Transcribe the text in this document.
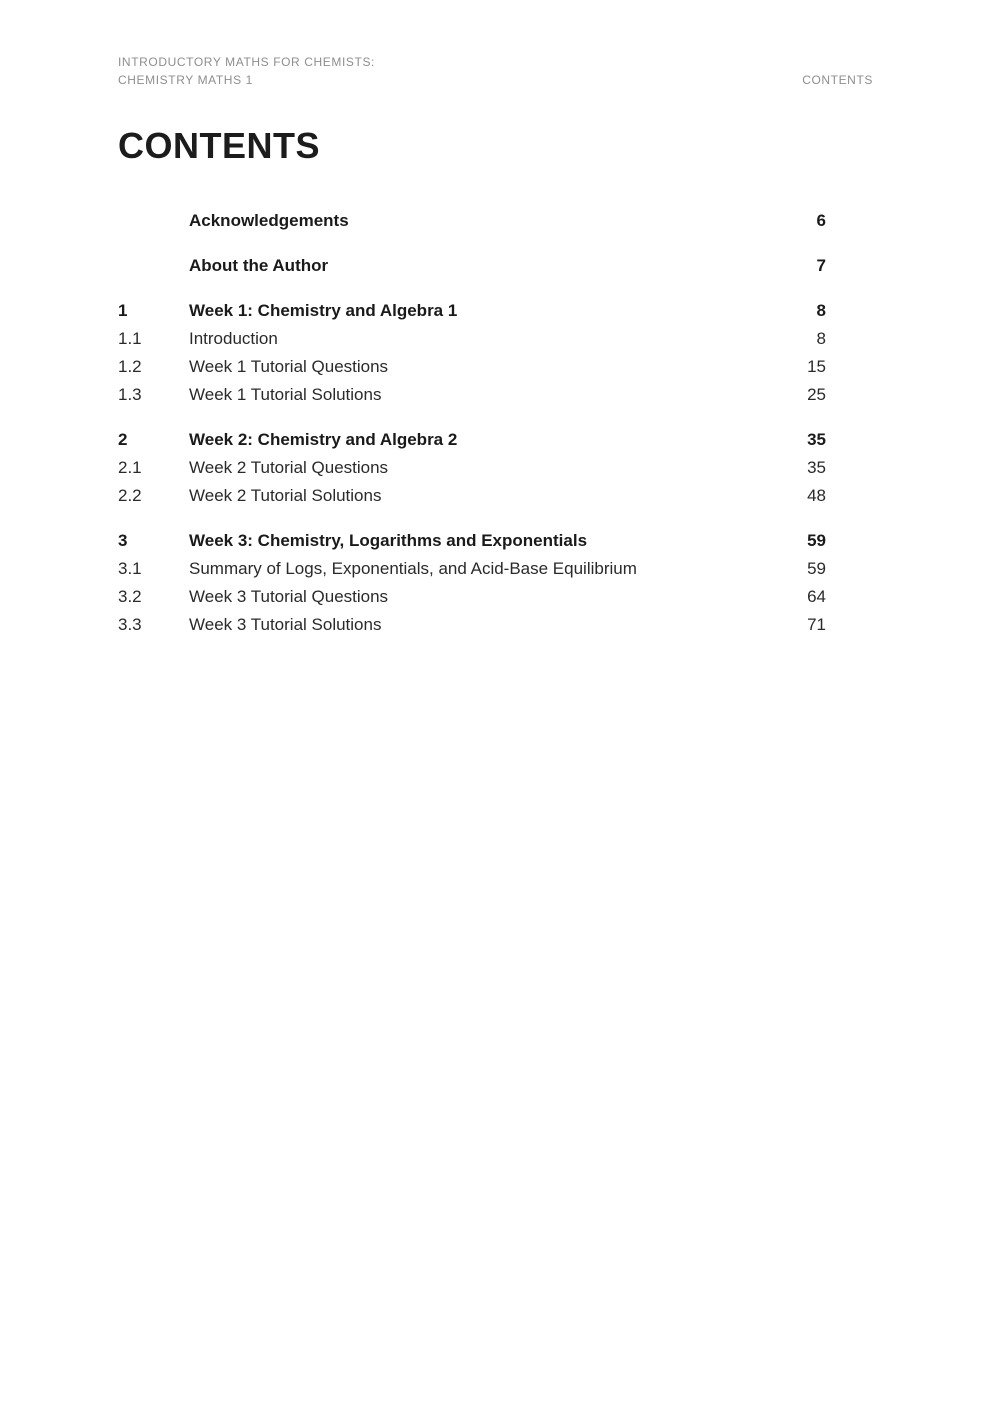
INTRODUCTORY MATHS FOR CHEMISTS:
CHEMISTRY MATHS 1	CONTENTS
CONTENTS
Acknowledgements	6
About the Author	7
1	Week 1: Chemistry and Algebra 1	8
1.1	Introduction	8
1.2	Week 1 Tutorial Questions	15
1.3	Week 1 Tutorial Solutions	25
2	Week 2: Chemistry and Algebra 2	35
2.1	Week 2 Tutorial Questions	35
2.2	Week 2 Tutorial Solutions	48
3	Week 3: Chemistry, Logarithms and Exponentials	59
3.1	Summary of Logs, Exponentials, and Acid-Base Equilibrium	59
3.2	Week 3 Tutorial Questions	64
3.3	Week 3 Tutorial Solutions	71
